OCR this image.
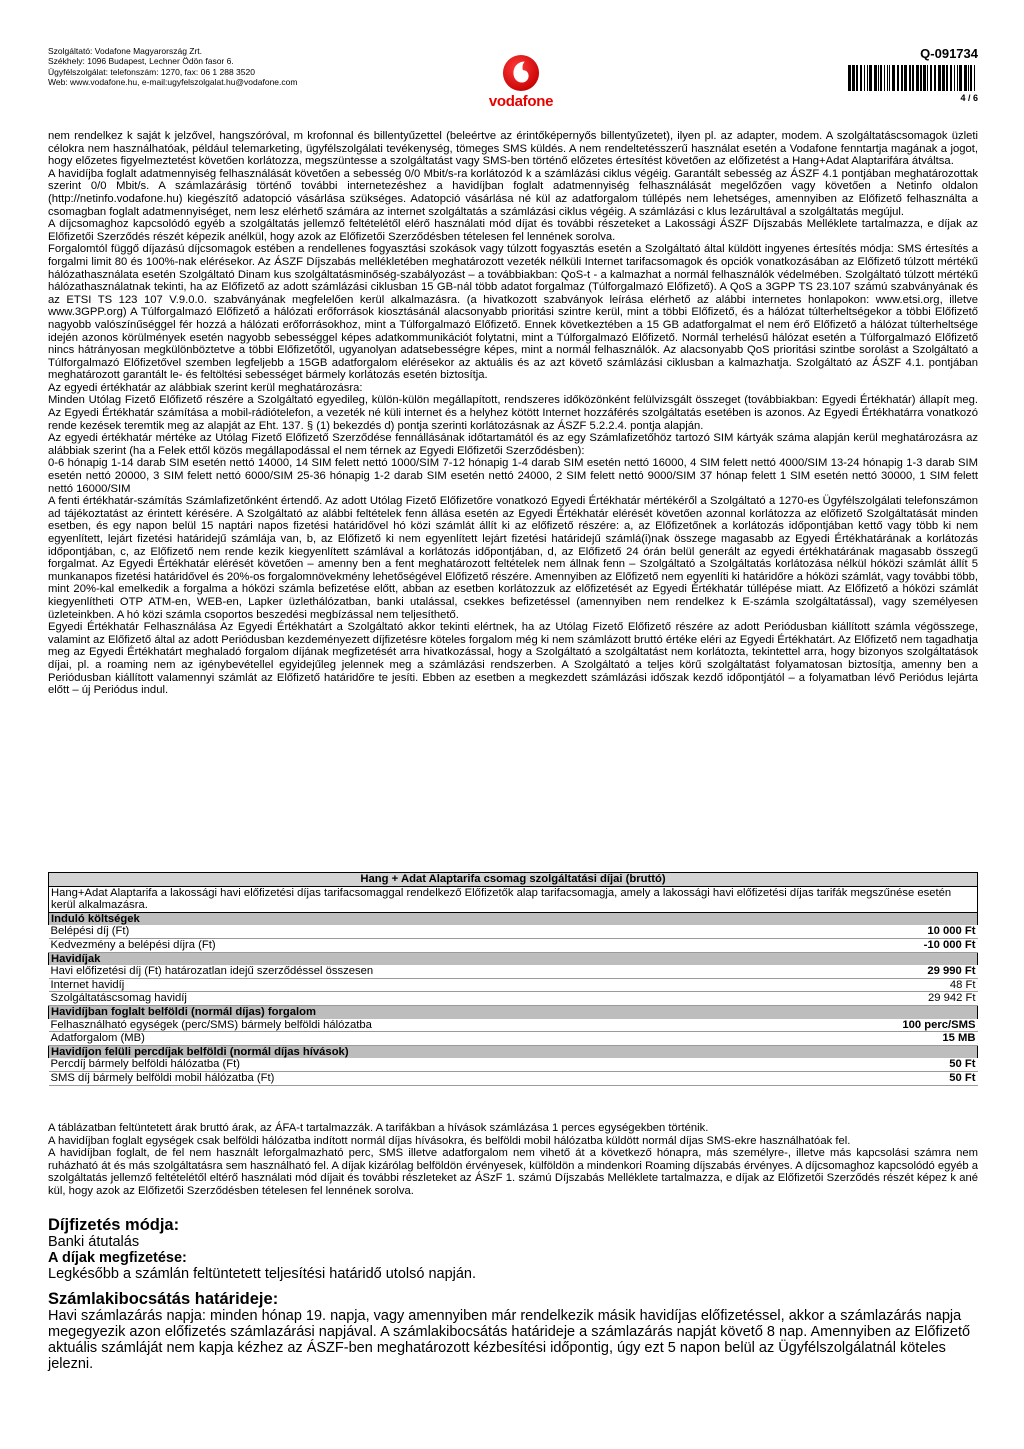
Szolgáltató: Vodafone Magyarország Zrt.
Székhely: 1096 Budapest, Lechner Ödön fasor 6.
Ügyfélszolgálat: telefonszám: 1270, fax: 06 1 288 3520
Web: www.vodafone.hu, e-mail:ugyfelszolgalat.hu@vodafone.com
vodafone
Q-091734
4 / 6

nem rendelkez k saját k jelzővel, hangszóróval, m krofonnal és billentyűzettel (beleértve az érintőképernyős billentyűzetet), ilyen pl. az adapter, modem. A szolgáltatáscsomagok üzleti célokra nem használhatóak, például telemarketing, ügyfélszolgálati tevékenység, tömeges SMS küldés. A nem rendeltetésszerű használat esetén a Vodafone fenntartja magának a jogot, hogy előzetes figyelmeztetést követően korlátozza, megszüntesse a szolgáltatást vagy SMS-ben történő előzetes értesítést követően az előfizetést a Hang+Adat Alaptarifára átváltsa.

A havidíjba foglalt adatmennyiség felhasználását követően a sebesség 0/0 Mbit/s-ra korlátozód k a számlázási ciklus végéig. Garantált sebesség az ÁSZF 4.1 pontjában meghatározottak szerint 0/0 Mbit/s. A számlazárásig történő további internetezéshez a havidíjban foglalt adatmennyiség felhasználását megelőzően vagy követően a Netinfo oldalon (http://netinfo.vodafone.hu) kiegészítő adatopció vásárlása szükséges. Adatopció vásárlása né kül az adatforgalom túllépés nem lehetséges, amennyiben az Előfizető felhasználta a csomagban foglalt adatmennyiséget, nem lesz elérhető számára az internet szolgáltatás a számlázási ciklus végéig. A számlázási c klus lezárultával a szolgáltatás megújul.

A díjcsomaghoz kapcsolódó egyéb a szolgáltatás jellemző feltételétől elérő használati mód díjat és további részeteket a Lakossági ÁSZF Díjszabás Melléklete tartalmazza, e díjak az Előfizetői Szerződés részét képezik anélkül, hogy azok az Előfizetői Szerződésben tételesen fel lennének sorolva.

Forgalomtól függő díjazású díjcsomagok estében a rendellenes fogyasztási szokások vagy túlzott fogyasztás esetén a Szolgáltató által küldött ingyenes értesítés módja: SMS értesítés a forgalmi limit 80 és 100%-nak elérésekor. Az ÁSZF Díjszabás mellékletében meghatározott vezeték nélküli Internet tarifacsomagok és opciók vonatkozásában az Előfizető túlzott mértékű hálózathasználata esetén Szolgáltató Dinam kus szolgáltatásminőség-szabályozást – a továbbiakban: QoS-t - a kalmazhat a normál felhasználók védelmében. Szolgáltató túlzott mértékű hálózathasználatnak tekinti, ha az Előfizető az adott számlázási ciklusban 15 GB-nál több adatot forgalmaz (Túlforgalmazó Előfizető). A QoS a 3GPP TS 23.107 számú szabványának és az ETSI TS 123 107 V.9.0.0. szabványának megfelelően kerül alkalmazásra. (a hivatkozott szabványok leírása elérhető az alábbi internetes honlapokon: www.etsi.org, illetve www.3GPP.org) A Túlforgalmazó Előfizető a hálózati erőforrások kiosztásánál alacsonyabb prioritási szintre kerül, mint a többi Előfizető, és a hálózat túlterheltségekor a többi Előfizető nagyobb valószínűséggel fér hozzá a hálózati erőforrásokhoz, mint a Túlforgalmazó Előfizető. Ennek következtében a 15 GB adatforgalmat el nem érő Előfizető a hálózat túlterheltsége idején azonos körülmények esetén nagyobb sebességgel képes adatkommunikációt folytatni, mint a Túlforgalmazó Előfizető. Normál terhelésű hálózat esetén a Túlforgalmazó Előfizető nincs hátrányosan megkülönböztetve a többi Előfizetőtől, ugyanolyan adatsebességre képes, mint a normál felhasználók. Az alacsonyabb QoS prioritási szintbe sorolást a Szolgáltató a Túlforgalmazó Előfizetővel szemben legfeljebb a 15GB adatforgalom elérésekor az aktuális és az azt követő számlázási ciklusban a kalmazhatja. Szolgáltató az ÁSZF 4.1. pontjában meghatározott garantált le- és feltöltési sebességet bármely korlátozás esetén biztosítja.

Az egyedi értékhatár az alábbiak szerint kerül meghatározásra:

Minden Utólag Fizető Előfizető részére a Szolgáltató egyedileg, külön-külön megállapított, rendszeres időközönként felülvizsgált összeget (továbbiakban: Egyedi Értékhatár) állapít meg. Az Egyedi Értékhatár számítása a mobil-rádiótelefon, a vezeték né küli internet és a helyhez kötött Internet hozzáférés szolgáltatás esetében is azonos. Az Egyedi Értékhatárra vonatkozó rende kezések teremtik meg az alapját az Eht. 137. § (1) bekezdés d) pontja szerinti korlátozásnak az ÁSZF 5.2.2.4. pontja alapján.

Az egyedi értékhatár mértéke az Utólag Fizető Előfizető Szerződése fennállásának időtartamától és az egy Számlafizetőhöz tartozó SIM kártyák száma alapján kerül meghatározásra az alábbiak szerint (ha a Felek ettől közös megállapodással el nem térnek az Egyedi Előfizetői Szerződésben):

0-6 hónapig 1-14 darab SIM esetén nettó 14000, 14 SIM felett nettó 1000/SIM 7-12 hónapig 1-4 darab SIM esetén nettó 16000, 4 SIM felett nettó 4000/SIM 13-24 hónapig 1-3 darab SIM esetén nettó 20000, 3 SIM felett nettó 6000/SIM 25-36 hónapig 1-2 darab SIM esetén nettó 24000, 2 SIM felett nettó 9000/SIM 37 hónap felett 1 SIM esetén nettó 30000, 1 SIM felett nettó 16000/SIM

A fenti értékhatár-számítás Számlafizetőnként értendő. Az adott Utólag Fizető Előfizetőre vonatkozó Egyedi Értékhatár mértékéről a Szolgáltató a 1270-es Ügyfélszolgálati telefonszámon ad tájékoztatást az érintett kérésére. A Szolgáltató az alábbi feltételek fenn állása esetén az Egyedi Értékhatár elérését követően azonnal korlátozza az előfizető Szolgáltatását minden esetben, és egy napon belül 15 naptári napos fizetési határidővel hó közi számlát állít ki az előfizető részére: a, az Előfizetőnek a korlátozás időpontjában kettő vagy több ki nem egyenlített, lejárt fizetési határidejű számlája van, b, az Előfizető ki nem egyenlített lejárt fizetési határidejű számlá(i)nak összege magasabb az Egyedi Értékhatárának a korlátozás időpontjában, c, az Előfizető nem rende kezik kiegyenlített számlával a korlátozás időpontjában, d, az Előfizető 24 órán belül generált az egyedi értékhatárának magasabb összegű forgalmat. Az Egyedi Értékhatár elérését követően – amenny ben a fent meghatározott feltételek nem állnak fenn – Szolgáltató a Szolgáltatás korlátozása nélkül hóközi számlát állít 5 munkanapos fizetési határidővel és 20%-os forgalomnövekmény lehetőségével Előfizető részére. Amennyiben az Előfizető nem egyenlíti ki határidőre a hóközi számlát, vagy további több, mint 20%-kal emelkedik a forgalma a hóközi számla befizetése előtt, abban az esetben korlátozzuk az előfizetését az Egyedi Értékhatár túllépése miatt. Az Előfizető a hóközi számlát kiegyenlítheti OTP ATM-en, WEB-en, Lapker üzlethálózatban, banki utalással, csekkes befizetéssel (amennyiben nem rendelkez k E-számla szolgáltatással), vagy személyesen üzleteinkben. A hó közi számla csoportos beszedési megbízással nem teljesíthető.

Egyedi Értékhatár Felhasználása Az Egyedi Értékhatárt a Szolgáltató akkor tekinti elértnek, ha az Utólag Fizető Előfizető részére az adott Periódusban kiállított számla végösszege, valamint az Előfizető által az adott Periódusban kezdeményezett díjfizetésre köteles forgalom még ki nem számlázott bruttó értéke eléri az Egyedi Értékhatárt. Az Előfizető nem tagadhatja meg az Egyedi Értékhatárt meghaladó forgalom díjának megfizetését arra hivatkozással, hogy a Szolgáltató a szolgáltatást nem korlátozta, tekintettel arra, hogy bizonyos szolgáltatások díjai, pl. a roaming nem az igénybevétellel egyidejűleg jelennek meg a számlázási rendszerben. A Szolgáltató a teljes körű szolgáltatást folyamatosan biztosítja, amenny ben a Periódusban kiállított valamennyi számlát az Előfizető határidőre te jesíti. Ebben az esetben a megkezdett számlázási időszak kezdő időpontjától – a folyamatban lévő Periódus lejárta előtt – új Periódus indul.

Hang + Adat Alaptarifa csomag szolgáltatási díjai (bruttó)	
Hang+Adat Alaptarifa a lakossági havi előfizetési díjas tarifacsomaggal rendelkező Előfizetők alap tarifacsomagja, amely a lakossági havi előfizetési díjas tarifák megszűnése esetén kerül alkalmazásra.	
Induló költségek	
Belépési díj (Ft)	10 000 Ft
Kedvezmény a belépési díjra (Ft)	-10 000 Ft
Havidíjak	
Havi előfizetési díj (Ft) határozatlan idejű szerződéssel összesen	29 990 Ft
Internet havidíj	48 Ft
Szolgáltatáscsomag havidíj	29 942 Ft
Havidíjban foglalt belföldi (normál díjas) forgalom	
Felhasználható egységek (perc/SMS) bármely belföldi hálózatba	100 perc/SMS
Adatforgalom (MB)	15 MB
Havidíjon felüli percdíjak belföldi (normál díjas hívások)	
Percdíj bármely belföldi hálózatba (Ft)	50 Ft
SMS díj bármely belföldi mobil hálózatba (Ft)	50 Ft

A táblázatban feltüntetett árak bruttó árak, az ÁFA-t tartalmazzák. A tarifákban a hívások számlázása 1 perces egységekben történik.

A havidíjban foglalt egységek csak belföldi hálózatba indított normál díjas hívásokra, és belföldi mobil hálózatba küldött normál díjas SMS-ekre használhatóak fel.

A havidíjban foglalt, de fel nem használt leforgalmazható perc, SMS illetve adatforgalom nem vihető át a következő hónapra, más személyre-, illetve más kapcsolási számra nem ruházható át és más szolgáltatásra sem használható fel. A díjak kizárólag belföldön érvényesek, külföldön a mindenkori Roaming díjszabás érvényes. A díjcsomaghoz kapcsolódó egyéb a szolgáltatás jellemző feltételétől eltérő használati mód díjait és további részleteket az ÁSzF 1. számú Díjszabás Melléklete tartalmazza, e díjak az Előfizetői Szerződés részét képez k ané kül, hogy azok az Előfizetői Szerződésben tételesen fel lennének sorolva.

Díjfizetés módja:

Banki átutalás

A díjak megfizetése:

Legkésőbb a számlán feltüntetett teljesítési határidő utolsó napján.

Számlakibocsátás határideje:

Havi számlazárás napja: minden hónap 19. napja, vagy amennyiben már rendelkezik másik havidíjas előfizetéssel, akkor a számlazárás napja megegyezik azon előfizetés számlazárási napjával. A számlakibocsátás határideje a számlazárás napját követő 8 nap. Amennyiben az Előfizető aktuális számláját nem kapja kézhez az ÁSZF-ben meghatározott kézbesítési időpontig, úgy ezt 5 napon belül az Ügyfélszolgálatnál köteles jelezni.
